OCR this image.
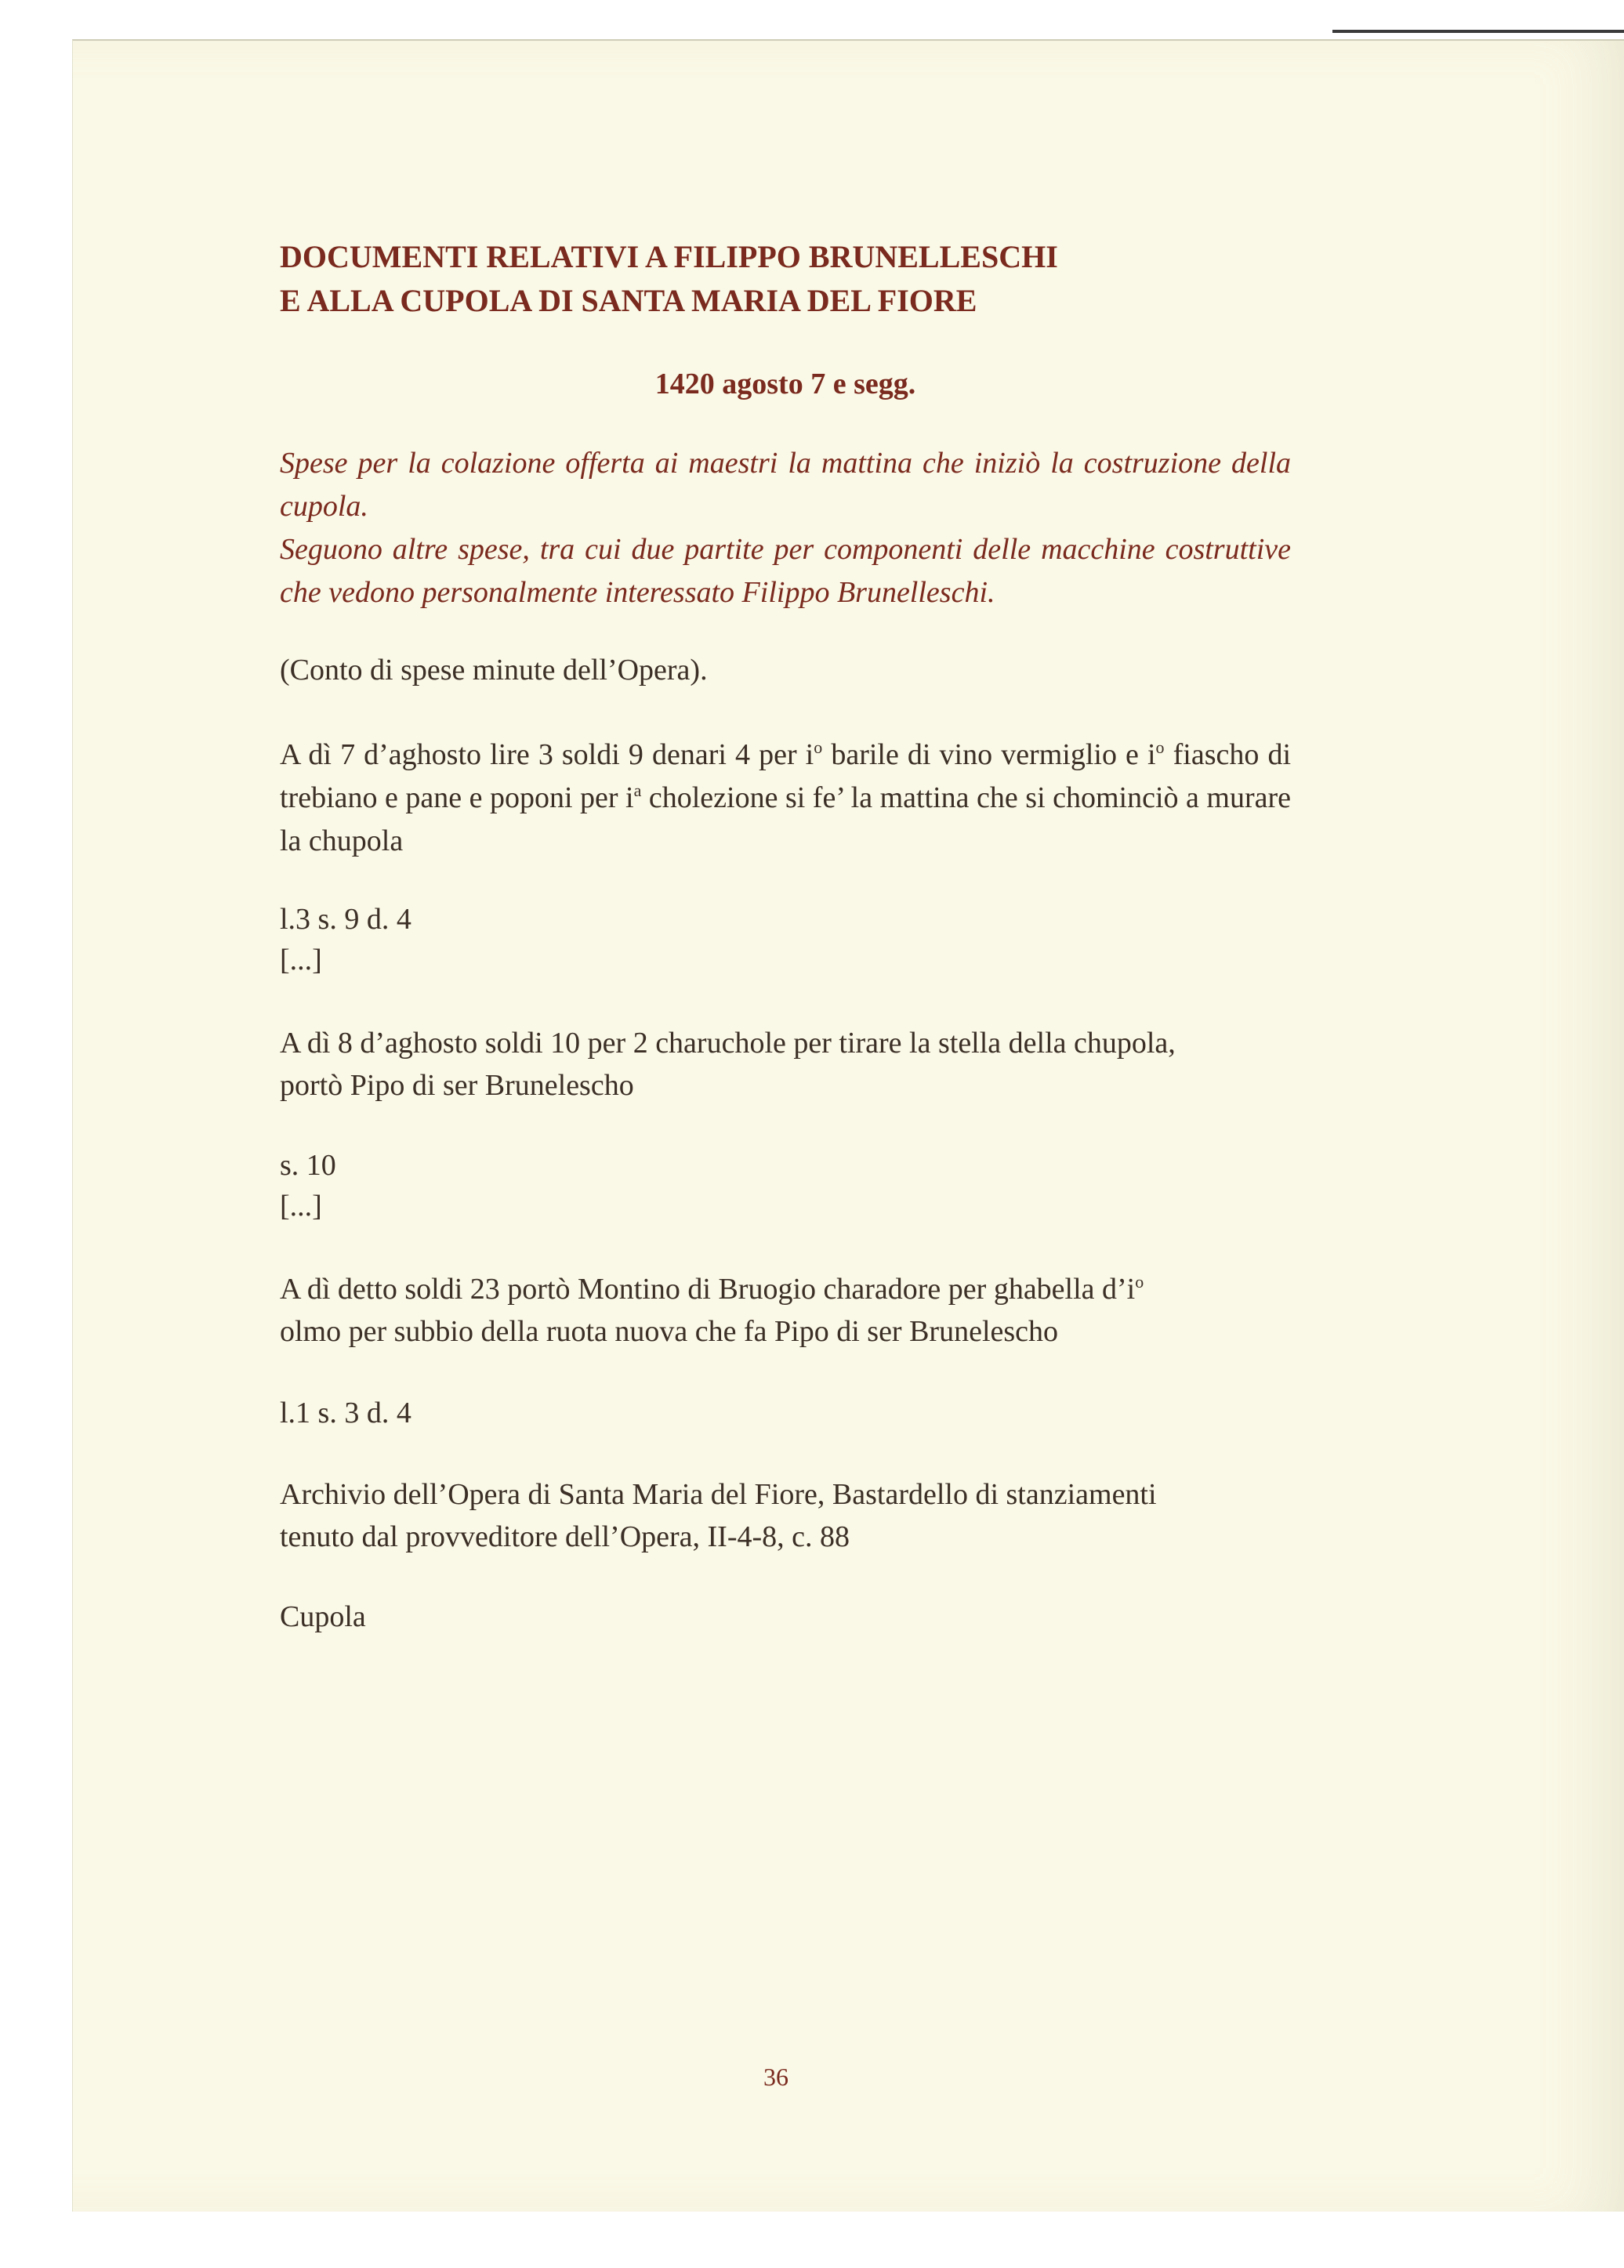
DOCUMENTI RELATIVI A FILIPPO BRUNELLESCHI
E ALLA CUPOLA DI SANTA MARIA DEL FIORE

1420 agosto 7 e segg.

Spese per la colazione offerta ai maestri la mattina che iniziò la costruzione della cupola.

Seguono altre spese, tra cui due partite per componenti delle macchine costruttive che vedono personalmente interessato Filippo Brunelleschi.

(Conto di spese minute dell’Opera).

A dì 7 d’aghosto lire 3 soldi 9 denari 4 per $i^o$ barile di vino vermiglio e $i^o$ fiascho di trebiano e pane e poponi per $i^a$ cholezione si fe’ la mattina che si chominciò a murare la chupola

l.3 s. 9 d. 4

[...]

A dì 8 d’aghosto soldi 10 per 2 charuchole per tirare la stella della chupola,

portò Pipo di ser Brunelescho

s. 10

[...]

A dì detto soldi 23 portò Montino di Bruogio charadore per ghabella $d’i^o$

olmo per subbio della ruota nuova che fa Pipo di ser Brunelescho

l.1 s. 3 d. 4

Archivio dell’Opera di Santa Maria del Fiore, Bastardello di stanziamenti

tenuto dal provveditore dell’Opera, II-4-8, c. 88

Cupola

36
